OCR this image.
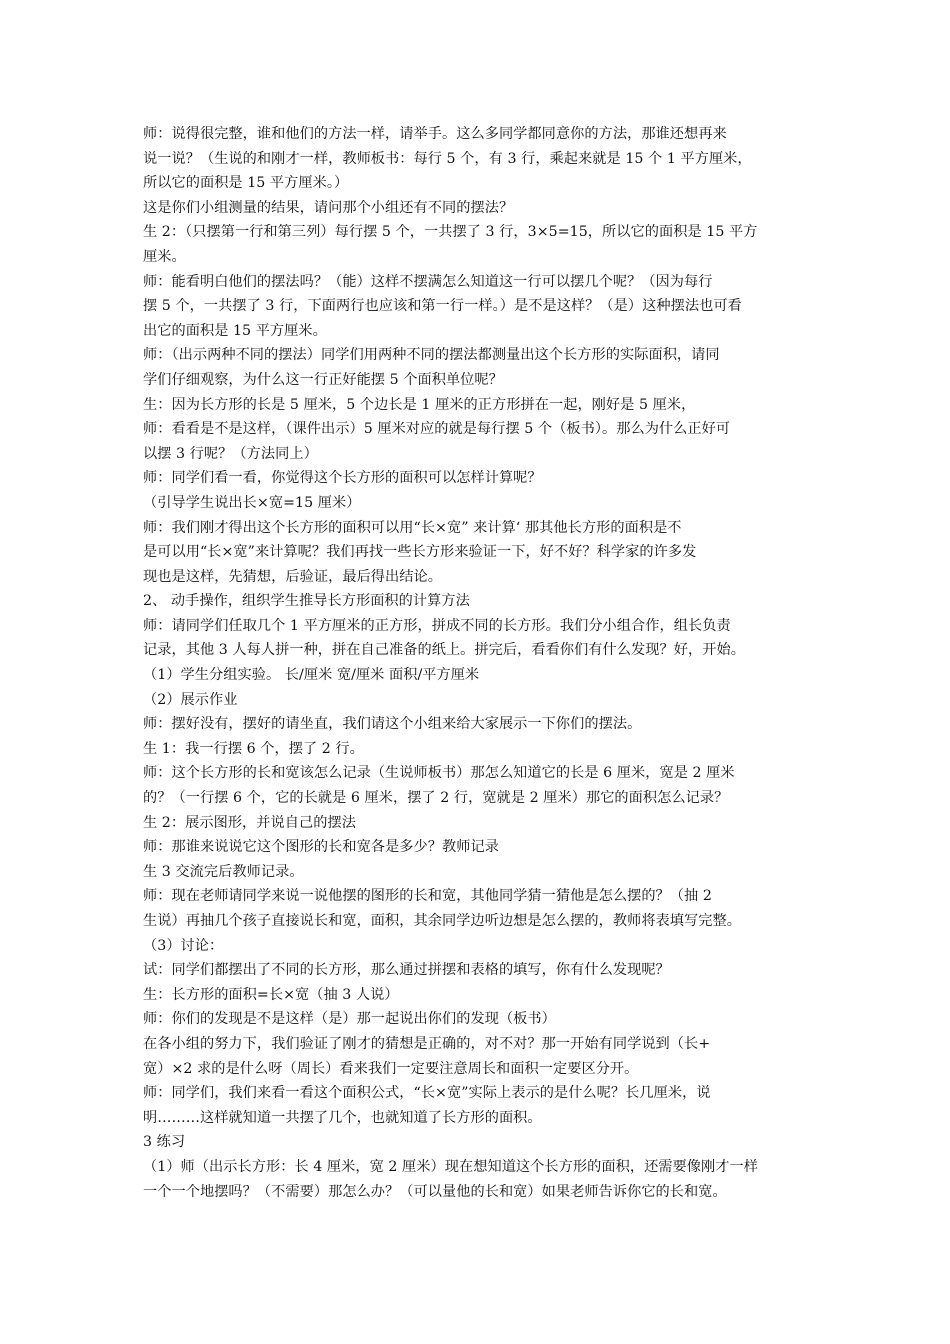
师：说得很完整，谁和他们的方法一样，请举手。这么多同学都同意你的方法，那谁还想再来
说一说？（生说的和刚才一样，教师板书：每行 5 个，有 3 行，乘起来就是 15 个 1 平方厘米，
所以它的面积是 15 平方厘米。）

这是你们小组测量的结果，请问那个小组还有不同的摆法？

生 2：（只摆第一行和第三列）每行摆 5 个，一共摆了 3 行，3×5=15，所以它的面积是 15 平方
厘米。

师：能看明白他们的摆法吗？（能）这样不摆满怎么知道这一行可以摆几个呢？（因为每行
摆 5 个，一共摆了 3 行，下面两行也应该和第一行一样。）是不是这样？（是）这种摆法也可看
出它的面积是 15 平方厘米。

师：（出示两种不同的摆法）同学们用两种不同的摆法都测量出这个长方形的实际面积，请同
学们仔细观察，为什么这一行正好能摆 5 个面积单位呢？

生：因为长方形的长是 5 厘米，5 个边长是 1 厘米的正方形拼在一起，刚好是 5 厘米，

师：看看是不是这样，（课件出示）5 厘米对应的就是每行摆 5 个（板书）。那么为什么正好可
以摆 3 行呢？（方法同上）

师：同学们看一看，你觉得这个长方形的面积可以怎样计算呢？

（引导学生说出长×宽=15 厘米）

师：我们刚才得出这个长方形的面积可以用“长×宽” 来计算‘ 那其他长方形的面积是不
是可以用“长×宽”来计算呢？我们再找一些长方形来验证一下，好不好？科学家的许多发
现也是这样，先猜想，后验证，最后得出结论。

2、 动手操作，组织学生推导长方形面积的计算方法

师：请同学们任取几个 1 平方厘米的正方形，拼成不同的长方形。我们分小组合作，组长负责
记录，其他 3 人每人拼一种，拼在自己准备的纸上。拼完后，看看你们有什么发现？好，开始。

（1）学生分组实验。 长/厘米 宽/厘米 面积/平方厘米

（2）展示作业

师：摆好没有，摆好的请坐直，我们请这个小组来给大家展示一下你们的摆法。

生 1：我一行摆 6 个，摆了 2 行。

师：这个长方形的长和宽该怎么记录（生说师板书）那怎么知道它的长是 6 厘米，宽是 2 厘米
的？（一行摆 6 个，它的长就是 6 厘米，摆了 2 行，宽就是 2 厘米）那它的面积怎么记录？

生 2：展示图形，并说自己的摆法

师：那谁来说说它这个图形的长和宽各是多少？教师记录

生 3 交流完后教师记录。

师：现在老师请同学来说一说他摆的图形的长和宽，其他同学猜一猜他是怎么摆的？（抽 2
生说）再抽几个孩子直接说长和宽，面积，其余同学边听边想是怎么摆的，教师将表填写完整。

（3）讨论：

试：同学们都摆出了不同的长方形，那么通过拼摆和表格的填写，你有什么发现呢？

生：长方形的面积=长×宽（抽 3 人说）

师：你们的发现是不是这样（是）那一起说出你们的发现（板书）

在各小组的努力下，我们验证了刚才的猜想是正确的，对不对？那一开始有同学说到（长+
宽）×2 求的是什么呀（周长）看来我们一定要注意周长和面积一定要区分开。

师：同学们，我们来看一看这个面积公式，“长×宽”实际上表示的是什么呢？长几厘米，说
明………这样就知道一共摆了几个，也就知道了长方形的面积。

3 练习

（1）师（出示长方形：长 4 厘米，宽 2 厘米）现在想知道这个长方形的面积，还需要像刚才一样
一个一个地摆吗？（不需要）那怎么办？（可以量他的长和宽）如果老师告诉你它的长和宽。
